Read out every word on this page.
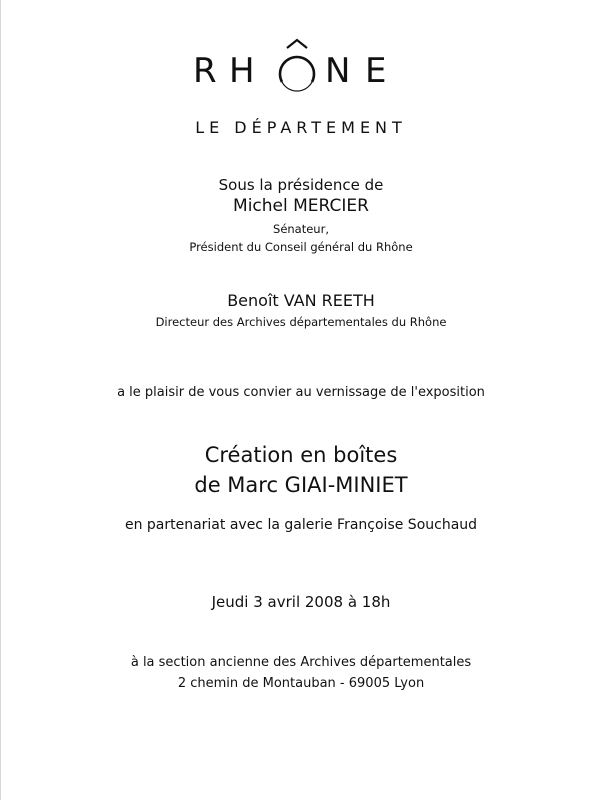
R H N E
LE DÉPARTEMENT
Sous la présidence de
Michel MERCIER
Sénateur,
Président du Conseil général du Rhône
Benoît VAN REETH
Directeur des Archives départementales du Rhône
a le plaisir de vous convier au vernissage de l'exposition
Création en boîtes
de Marc GIAI-MINIET
en partenariat avec la galerie Françoise Souchaud
Jeudi 3 avril 2008 à 18h
à la section ancienne des Archives départementales
2 chemin de Montauban - 69005 Lyon
